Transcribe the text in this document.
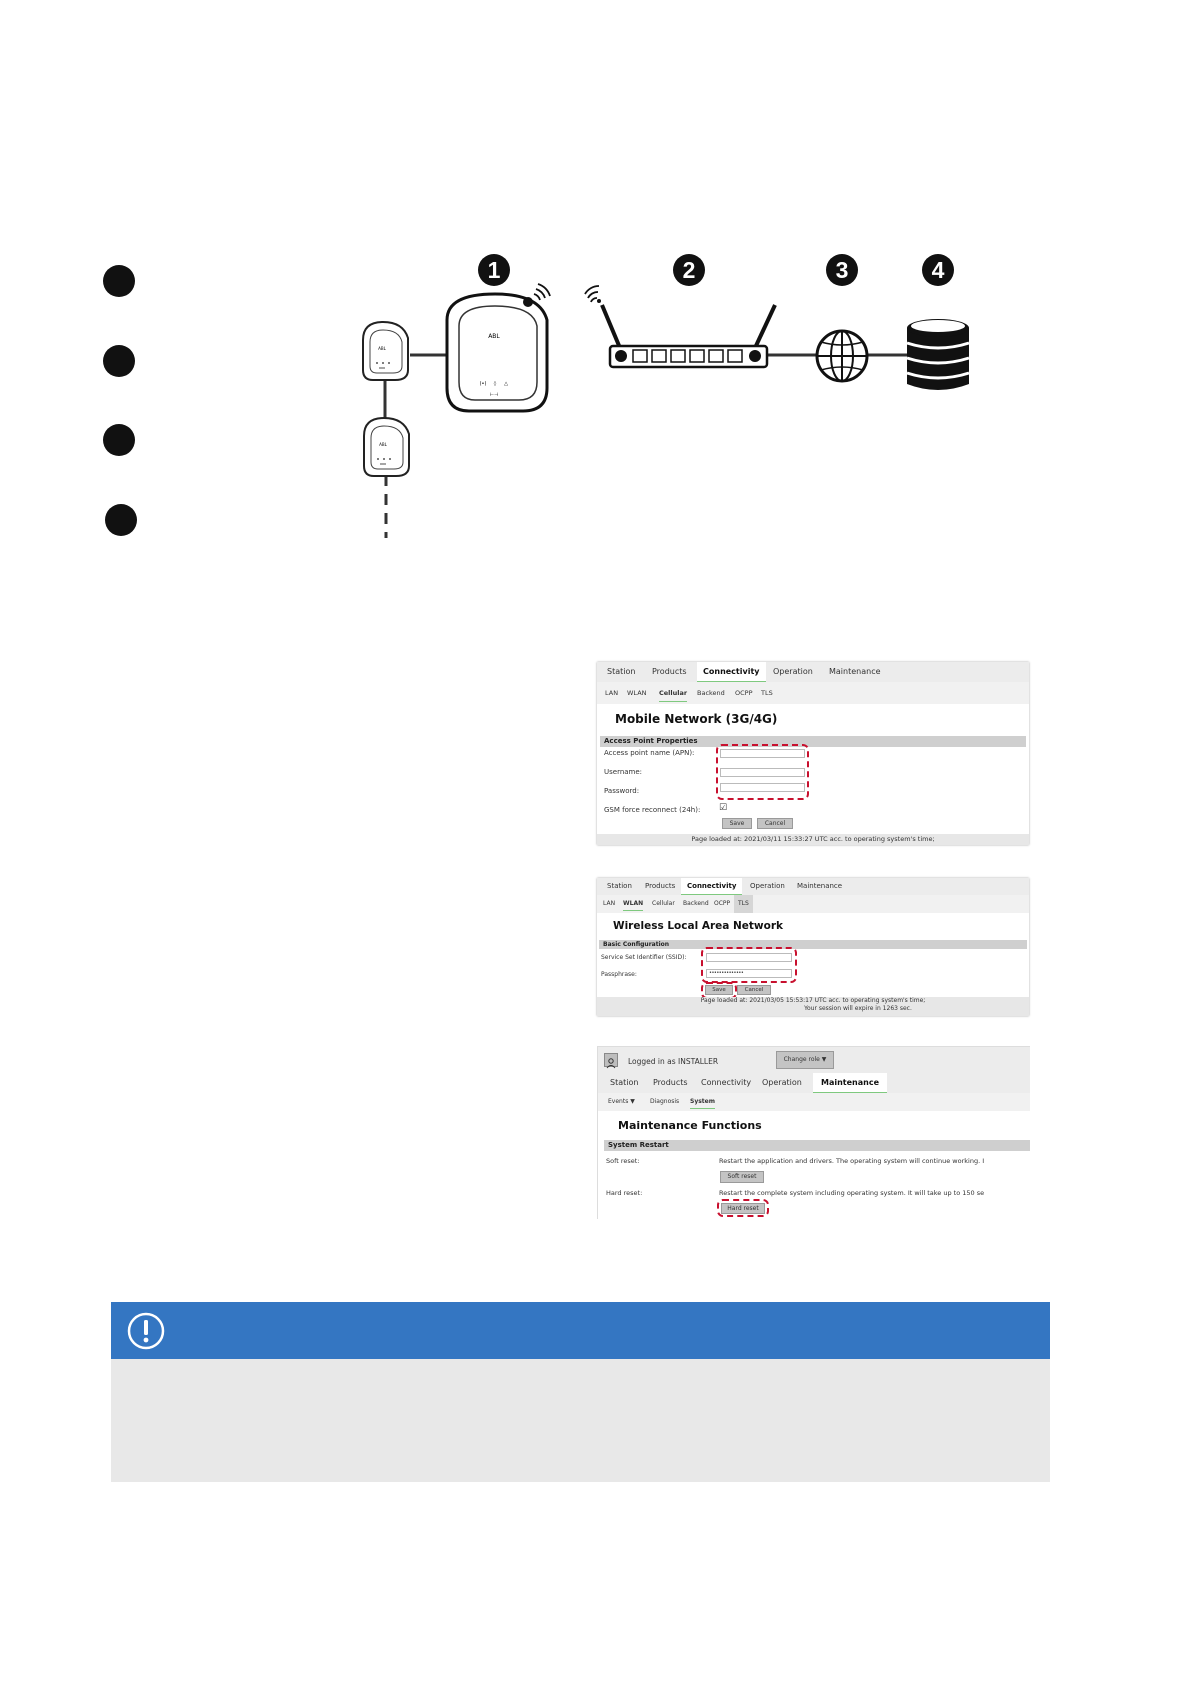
1	2	3	4
ABL
ABL
ABL
(•) ◊ △
⊢⊣
Station Products	Connectivity	Operation Maintenance
LAN WLAN Cellular Backend OCPP TLS
Mobile Network (3G/4G)
Access Point Properties
Access point name (APN):
Username:
Password:
GSM force reconnect (24h): ☑
Save	Cancel
Page loaded at: 2021/03/11 15:33:27 UTC acc. to operating system's time;
Station Products	Connectivity	Operation Maintenance
LAN WLAN Cellular Backend OCPP	TLS
Wireless Local Area Network
Basic Configuration
Service Set Identifier (SSID):
Passphrase:	••••••••••••••
Save	Cancel
Page loaded at: 2021/03/05 15:53:17 UTC acc. to operating system's time;
Your session will expire in 1263 sec.
Logged in as INSTALLER	Change role ▼
Station Products Connectivity Operation	Maintenance
Events ▼	Diagnosis System
Maintenance Functions
System Restart
Soft reset:	Restart the application and drivers. The operating system will continue working. I
Soft reset
Hard reset:	Restart the complete system including operating system. It will take up to 150 se
Hard reset
